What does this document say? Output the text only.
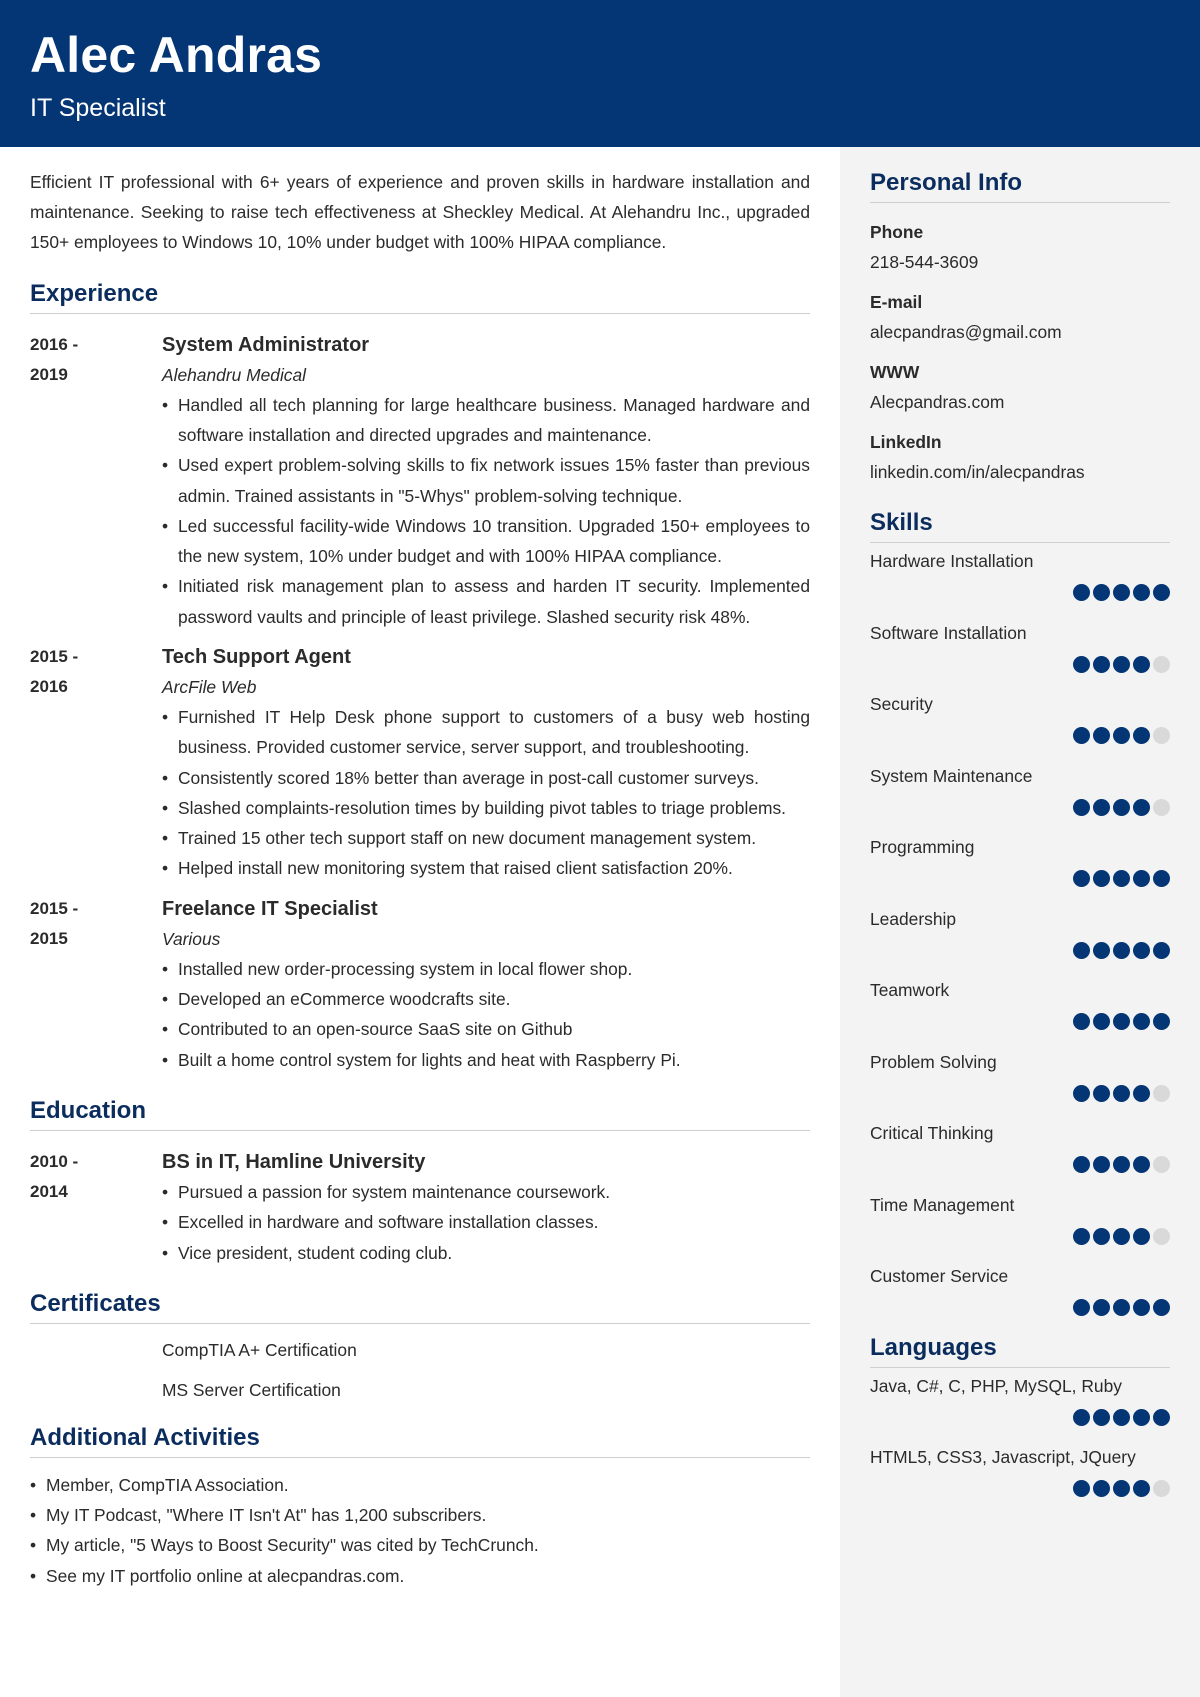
Alec Andras
IT Specialist

Efficient IT professional with 6+ years of experience and proven skills in hardware installation and maintenance. Seeking to raise tech effectiveness at Sheckley Medical. At Alehandru Inc., upgraded 150+ employees to Windows 10, 10% under budget with 100% HIPAA compliance.

Experience
2016 -
2019
System Administrator
Alehandru Medical
• Handled all tech planning for large healthcare business. Managed hardware and software installation and directed upgrades and maintenance.
• Used expert problem-solving skills to fix network issues 15% faster than previous admin. Trained assistants in "5-Whys" problem-solving technique.
• Led successful facility-wide Windows 10 transition. Upgraded 150+ employees to the new system, 10% under budget and with 100% HIPAA compliance.
• Initiated risk management plan to assess and harden IT security. Implemented password vaults and principle of least privilege. Slashed security risk 48%.
2015 -
2016
Tech Support Agent
ArcFile Web
• Furnished IT Help Desk phone support to customers of a busy web hosting business. Provided customer service, server support, and troubleshooting.
• Consistently scored 18% better than average in post-call customer surveys.
• Slashed complaints-resolution times by building pivot tables to triage problems.
• Trained 15 other tech support staff on new document management system.
• Helped install new monitoring system that raised client satisfaction 20%.
2015 -
2015
Freelance IT Specialist
Various
• Installed new order-processing system in local flower shop.
• Developed an eCommerce woodcrafts site.
• Contributed to an open-source SaaS site on Github
• Built a home control system for lights and heat with Raspberry Pi.
Education
2010 -
2014
BS in IT, Hamline University
• Pursued a passion for system maintenance coursework.
• Excelled in hardware and software installation classes.
• Vice president, student coding club.
Certificates
CompTIA A+ Certification
MS Server Certification
Additional Activities
• Member, CompTIA Association.
• My IT Podcast, "Where IT Isn't At" has 1,200 subscribers.
• My article, "5 Ways to Boost Security" was cited by TechCrunch.
• See my IT portfolio online at alecpandras.com.
Personal Info
Phone
218-544-3609
E-mail
alecpandras@gmail.com
WWW
Alecpandras.com
LinkedIn
linkedin.com/in/alecpandras
Skills
Hardware Installation
Software Installation
Security
System Maintenance
Programming
Leadership
Teamwork
Problem Solving
Critical Thinking
Time Management
Customer Service
Languages
Java, C#, C, PHP, MySQL, Ruby
HTML5, CSS3, Javascript, JQuery
